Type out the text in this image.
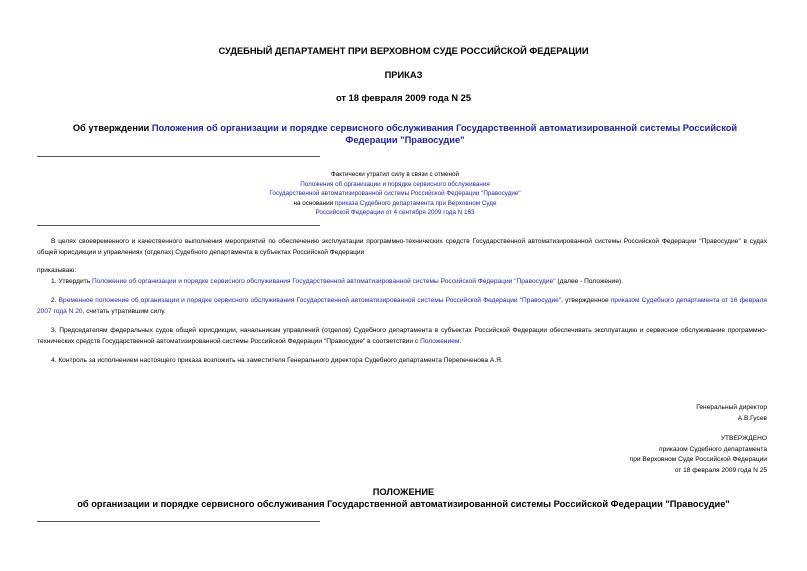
СУДЕБНЫЙ ДЕПАРТАМЕНТ ПРИ ВЕРХОВНОМ СУДЕ РОССИЙСКОЙ ФЕДЕРАЦИИ
ПРИКАЗ
от 18 февраля 2009 года N 25
Об утверждении Положения об организации и порядке сервисного обслуживания Государственной автоматизированной системы Российской Федерации "Правосудие"
Фактически утратил силу в связи с отменой
Положения об организации и порядке сервисного обслуживания
Государственной автоматизированной системы Российской Федерации "Правосудие"
на основании приказа Судебного департамента при Верховном Суде
Российской Федерации от 4 сентября 2009 года N 163

В целях своевременного и качественного выполнения мероприятий по обеспечению эксплуатации программно-технических средств Государственной автоматизированной системы Российской Федерации "Правосудие" в судах общей юрисдикции и управлениях (отделах) Судебного департамента в субъектах Российской Федерации

приказываю:

1. Утвердить Положение об организации и порядке сервисного обслуживания Государственной автоматизированной системы Российской Федерации "Правосудие" (далее - Положение).

2. Временное положение об организации и порядке сервисного обслуживания Государственной автоматизированной системы Российской Федерации "Правосудие", утвержденное приказом Судебного департамента от 16 февраля 2007 года N 20, считать утратившим силу.

3. Председателям федеральных судов общей юрисдикции, начальникам управлений (отделов) Судебного департамента в субъектах Российской Федерации обеспечивать эксплуатацию и сервисное обслуживание программно-технических средств Государственной автоматизированной системы Российской Федерации "Правосудие" в соответствии с Положением.

4. Контроль за исполнением настоящего приказа возложить на заместителя Генерального директора Судебного департамента Перепеченова А.Я.

Генеральный директор
А.В.Гусев
УТВЕРЖДЕНО
приказом Судебного департамента
при Верховном Суде Российской Федерации
от 18 февраля 2009 года N 25
ПОЛОЖЕНИЕ
об организации и порядке сервисного обслуживания Государственной автоматизированной системы Российской Федерации "Правосудие"
